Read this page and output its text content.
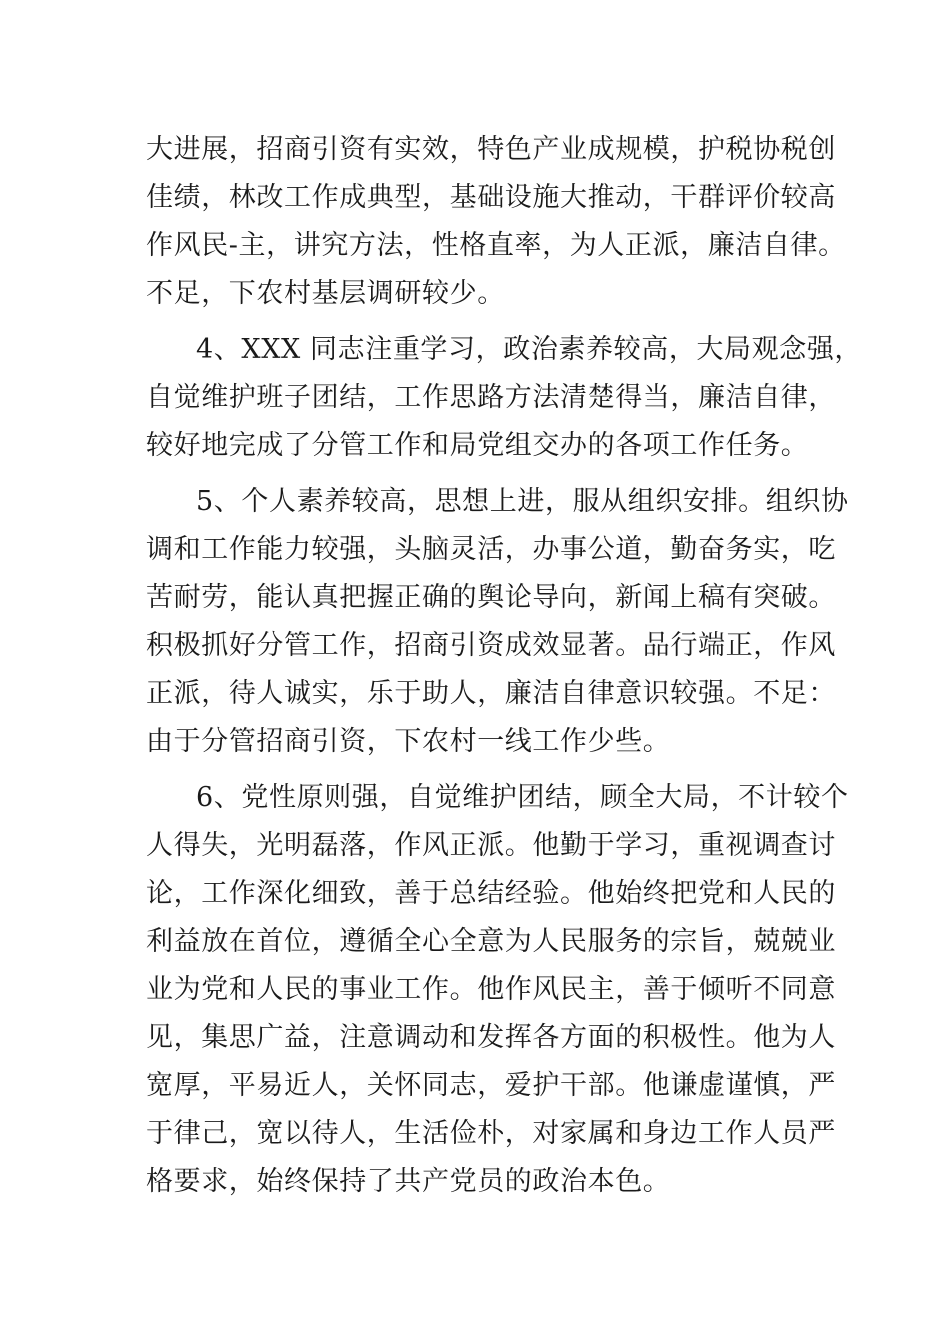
大进展，招商引资有实效，特色产业成规模，护税协税创
佳绩，林改工作成典型，基础设施大推动，干群评价较高
作风民-主，讲究方法，性格直率，为人正派，廉洁自律。
不足，下农村基层调研较少。
4、XXX 同志注重学习，政治素养较高，大局观念强，
自觉维护班子团结，工作思路方法清楚得当，廉洁自律，
较好地完成了分管工作和局党组交办的各项工作任务。
5、个人素养较高，思想上进，服从组织安排。组织协
调和工作能力较强，头脑灵活，办事公道，勤奋务实，吃
苦耐劳，能认真把握正确的舆论导向，新闻上稿有突破。
积极抓好分管工作，招商引资成效显著。品行端正，作风
正派，待人诚实，乐于助人，廉洁自律意识较强。不足：
由于分管招商引资，下农村一线工作少些。
6、党性原则强，自觉维护团结，顾全大局，不计较个
人得失，光明磊落，作风正派。他勤于学习，重视调查讨
论，工作深化细致，善于总结经验。他始终把党和人民的
利益放在首位，遵循全心全意为人民服务的宗旨，兢兢业
业为党和人民的事业工作。他作风民主，善于倾听不同意
见，集思广益，注意调动和发挥各方面的积极性。他为人
宽厚，平易近人，关怀同志，爱护干部。他谦虚谨慎，严
于律己，宽以待人，生活俭朴，对家属和身边工作人员严
格要求，始终保持了共产党员的政治本色。
